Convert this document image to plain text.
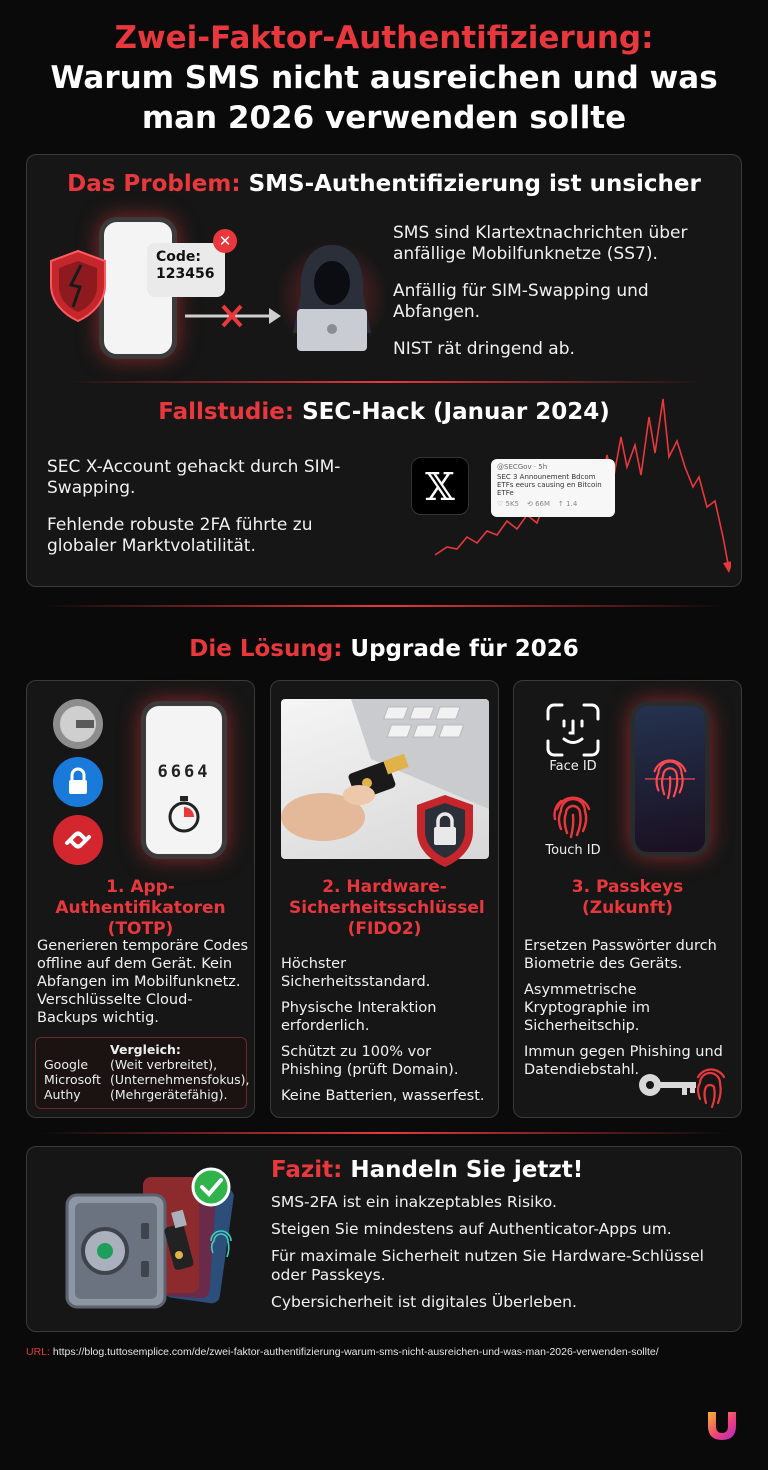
Zwei-Faktor-Authentifizierung:
Warum SMS nicht ausreichen und was
man 2026 verwenden sollte
Das Problem: SMS-Authentifizierung ist unsicher
Code:
123456
✕	SMS sind Klartextnachrichten über anfällige Mobilfunknetze (SS7).

Anfällig für SIM-Swapping und Abfangen.

NIST rät dringend ab.

Fallstudie: SEC-Hack (Januar 2024)

SEC X-Account gehackt durch SIM-Swapping.

Fehlende robuste 2FA führte zu globaler Marktvolatilität.

𝕏	@SECGov · 5h
SEC 3 Announement Bdcom ETFs eeurs causing en Bitcoin ETFe
♡ 5K5 ⟲ 66M ↑ 1.4
Die Lösung: Upgrade für 2026
6664
1. App-Authentifikatoren (TOTP)

Generieren temporäre Codes offline auf dem Gerät. Kein Abfangen im Mobilfunknetz. Verschlüsselte Cloud-Backups wichtig.

Vergleich:
Google
Microsoft
Authy
(Weit verbreitet),
(Unternehmensfokus),
(Mehrgerätefähig).
2. Hardware-Sicherheitsschlüssel (FIDO2)

Höchster Sicherheitsstandard.

Physische Interaktion erforderlich.

Schützt zu 100% vor Phishing (prüft Domain).

Keine Batterien, wasserfest.

Face ID
Touch ID
3. Passkeys (Zukunft)

Ersetzen Passwörter durch Biometrie des Geräts.

Asymmetrische Kryptographie im Sicherheitschip.

Immun gegen Phishing und Datendiebstahl.

Fazit: Handeln Sie jetzt!

SMS-2FA ist ein inakzeptables Risiko.

Steigen Sie mindestens auf Authenticator-Apps um.

Für maximale Sicherheit nutzen Sie Hardware-Schlüssel oder Passkeys.

Cybersicherheit ist digitales Überleben.

URL: https://blog.tuttosemplice.com/de/zwei-faktor-authentifizierung-warum-sms-nicht-ausreichen-und-was-man-2026-verwenden-sollte/
